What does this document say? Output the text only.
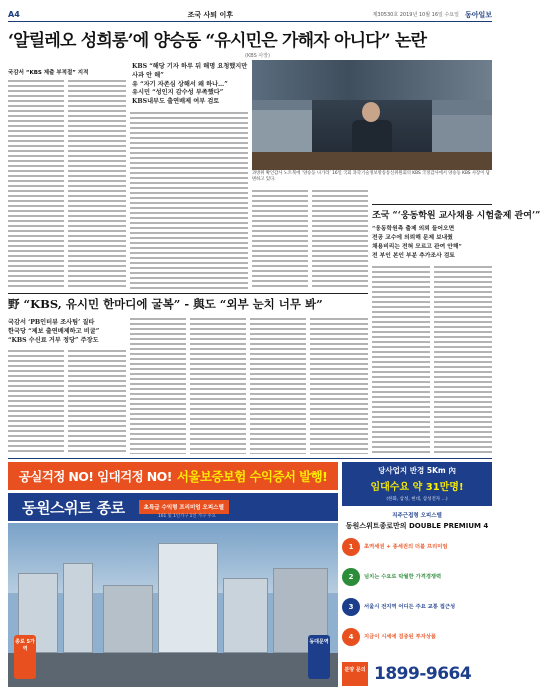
A4	조국 사퇴 이후	제30530호 2019년 10월 16일 수요일 동아일보
‘알릴레오 성희롱’에 양승동 “유시민은 가해자 아니다” 논란
(KBS 사장)
국감서 “KBS 제출 부적절” 지적
KBS “해당 기자 하루 뒤 해명 요청했지만 사과 안 해”
유 “자기 자존심 상해서 왜 하나…”
유시민 “성인지 감수성 부족했다”
KBS내부도 출연배제 여부 검토
과방위 확인감사 노트북에 ‘양승동 나가라’ 16일 국회 과학기술정보방송통신위원회의 KBS 국정감사에서 양승동 KBS 사장이 답변하고 있다.
조국 “‘웅동학원 교사채용 시험출제 관여’”
“웅동학원측 출제 의뢰 들어오면
전공 교수에 의뢰해 문제 보내줬
채용비리는 전혀 모르고 관여 안해”
전 부인 본인 부분 추가조사 검토
野 “KBS, 유시민 한마디에 굴복” - 與도 “외부 눈치 너무 봐”
국감서 ‘PB인터뷰 조사팀’ 질타
한국당 “제보 출연배제하고 비굴”
“KBS 수신료 거부 정당” 주장도
공실걱정 NO! 임대걱정 NO!
서울보증보험 수익증서 발행!	당사업지 반경 5Km 內
임대수요 약 31만명!
(한화, 삼성, 현대, 삼성전자 ...)
동원스위트 종로	초특급 수익형 프리미엄 오피스텔
101 및 1인가구 1인 가구 수요
종로 5가역
동대문역
직주근접형 오피스텔
동원스위트종로만의 DOUBLE PREMIUM 4
1	초역세권 + 종세권의 더블 프리미엄
2	넘치는 수요로 탁월한 가격경쟁력
3	서울시 전지역 어디든 주요 교통 접근성
4	지금이 시세에 검증된 투자상품
분양 문의 1899-9664
